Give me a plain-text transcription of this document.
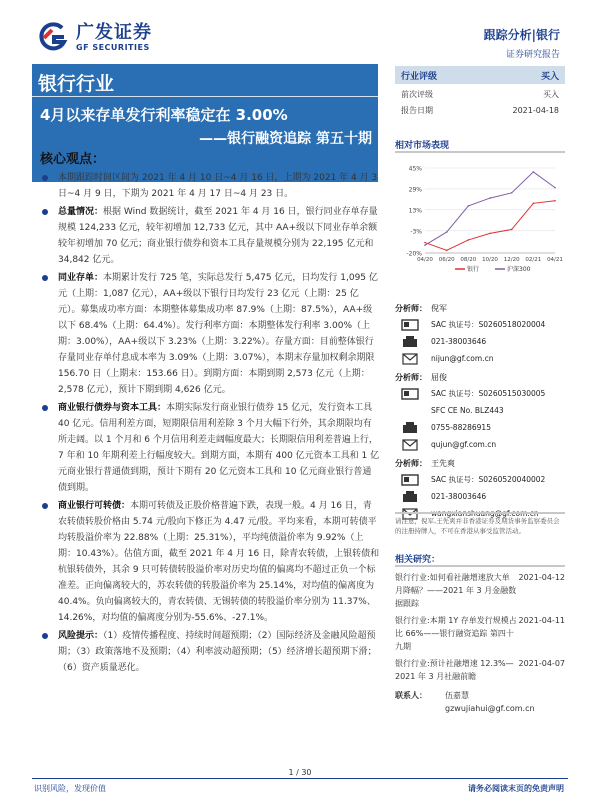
广发证券
GF SECURITIES
跟踪分析|银行
证券研究报告
银行行业
4月以来存单发行利率稳定在 3.00%
——银行融资追踪 第五十期
核心观点：
本期跟踪时间区间为 2021 年 4 月 10 日~4 月 16 日，上期为 2021 年 4 月 3 日~4 月 9 日，下期为 2021 年 4 月 17 日~4 月 23 日。
总量情况：根据 Wind 数据统计，截至 2021 年 4 月 16 日，银行同业存单存量规模 124,233 亿元，较年初增加 12,733 亿元，其中 AA+级以下同业存单余额较年初增加 70 亿元；商业银行债券和资本工具存量规模分别为 22,195 亿元和 34,842 亿元。
同业存单：本期累计发行 725 笔，实际总发行 5,475 亿元，日均发行 1,095 亿元（上期：1,087 亿元），AA+级以下银行日均发行 23 亿元（上期：25 亿元）。募集成功率方面：本期整体募集成功率 87.9%（上期：87.5%），AA+级以下 68.4%（上期：64.4%）。发行利率方面：本期整体发行利率 3.00%（上期：3.00%），AA+级以下 3.23%（上期：3.22%）。存量方面：目前整体银行存量同业存单付息成本率为 3.09%（上期：3.07%），本期末存量加权剩余期限 156.70 日（上期末：153.66 日）。到期方面：本期到期 2,573 亿元（上期：2,578 亿元），预计下期到期 4,626 亿元。
商业银行债券与资本工具：本期实际发行商业银行债券 15 亿元，发行资本工具 40 亿元。信用利差方面，短期限信用利差除 3 个月大幅下行外，其余期限均有所走阔。以 1 个月和 6 个月信用利差走阔幅度最大；长期限信用利差普遍上行，7 年和 10 年期利差上行幅度较大。到期方面，本期有 400 亿元资本工具和 1 亿元商业银行普通债到期，预计下期有 20 亿元资本工具和 10 亿元商业银行普通债到期。
商业银行可转债：本期可转债及正股价格普遍下跌，表现一般。4 月 16 日，青农转债转股价格由 5.74 元/股向下修正为 4.47 元/股。平均来看，本期可转债平均转股溢价率为 22.88%（上期：25.31%），平均纯债溢价率为 9.92%（上期：10.43%）。估值方面，截至 2021 年 4 月 16 日，除青农转债，上银转债和杭银转债外，其余 9 只可转债转股溢价率对历史均值的偏离均不超过正负一个标准差。正向偏离较大的，苏农转债的转股溢价率为 25.14%，对均值的偏离度为 40.4%。负向偏离较大的，青农转债、无锡转债的转股溢价率分别为 11.37%、14.26%，对均值的偏离度分别为-55.6%、-27.1%。
风险提示：（1）疫情传播程度、持续时间超预期；（2）国际经济及金融风险超预期；（3）政策落地不及预期；（4）利率波动超预期；（5）经济增长超预期下滑；（6）资产质量恶化。
行业评级	买入
前次评级	买入
报告日期	2021-04-18
相对市场表现
-20%
-3%
13%
29%
45%
04/20 06/20 08/20 10/20 12/20 02/21 04/21
银行	沪深300
分析师： 倪军
SAC 执证号：S0260518020004
021-38003646
nijun@gf.com.cn
分析师： 屈俊
SAC 执证号：S0260515030005
SFC CE No. BLZ443
0755-88286915
qujun@gf.com.cn
分析师： 王先爽
SAC 执证号：S0260520040002
021-38003646
请注意，倪军,王先爽并非香港证券及期货事务监察委员会的注册持牌人，不可在香港从事受监管活动。
相关研究：
银行行业:如何看社融增速放大单月降幅？——2021 年 3 月金融数据跟踪
2021-04-12
银行行业:本期 1Y 存单发行规模占比 66%——银行融资追踪 第四十九期
2021-04-11
银行行业:预计社融增速 12.3%—2021 年 3 月社融前瞻
2021-04-07
联系人：	伍嘉慧
gzwujiahui@gf.com.cn
1 / 30
识别风险，发现价值	请务必阅读末页的免责声明
